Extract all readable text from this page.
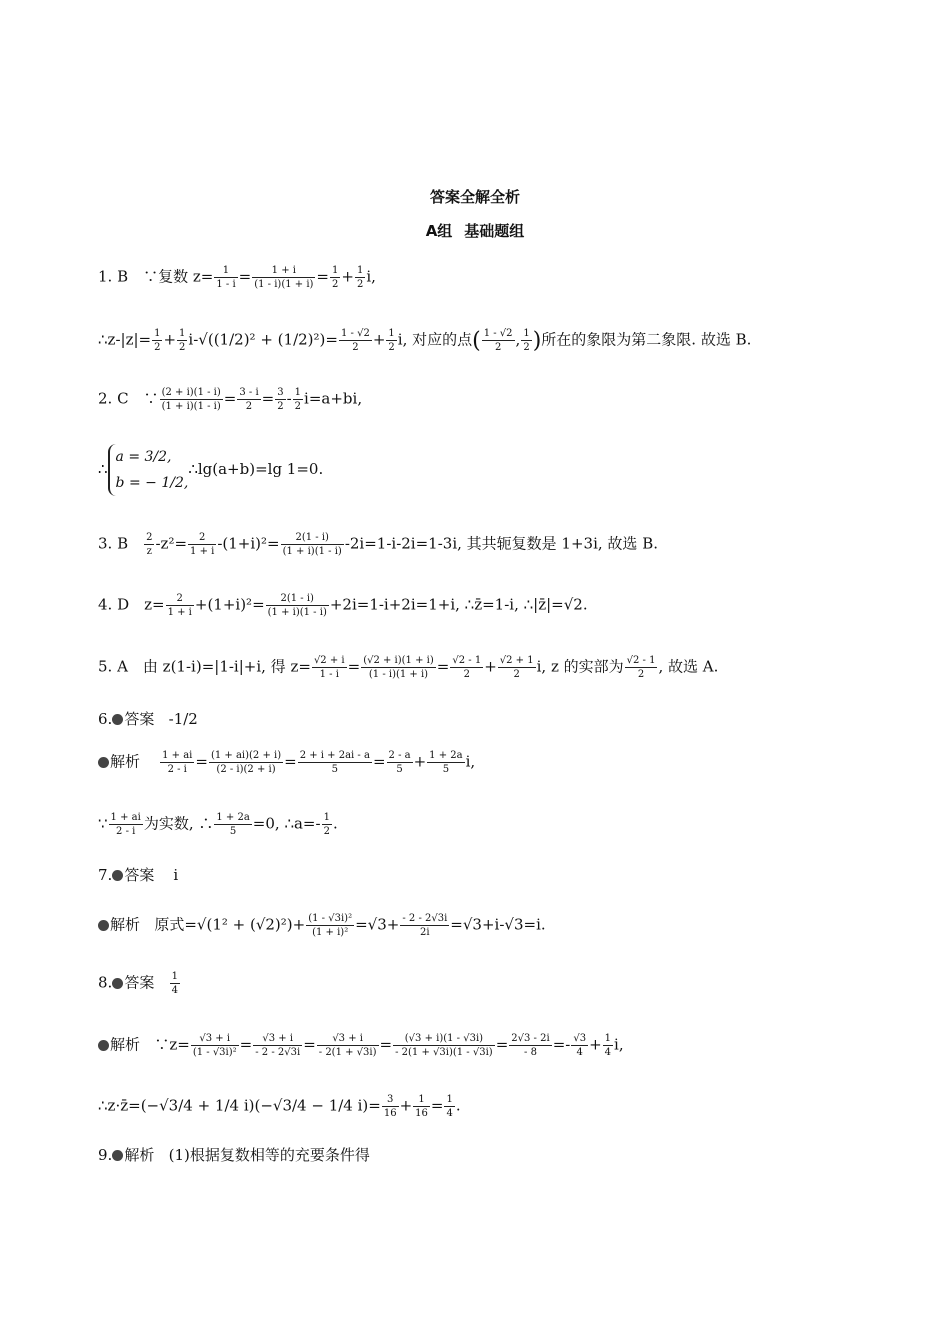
答案全解全析
A组 基础题组
1. B　∵复数 $z= \frac{1}{1 - i} = \frac{1 + i}{(1 - i)(1 + i)} = \frac{1}{2} + \frac{1}{2} i$,
∴z-|z|= $\frac{1}{2} + \frac{1}{2} i-√((1/2)^2 + (1/2)^2)= \frac{1 - √2}{2} + \frac{1}{2} i$, 对应的点( $\frac{1 - √2}{2}$ , $\frac{1}{2}$ )所在的象限为第二象限. 故选 B.
2. C　∵ $\frac{(2 + i)(1 - i)}{(1 + i)(1 - i)} = \frac{3 - i}{2} = \frac{3}{2} - \frac{1}{2} i=a+bi$,
∴
a = 3/2,
b = − 1/2,
∴lg(a+b)=lg 1=0.
3. B　 $\frac{2}{z} -z^2= \frac{2}{1 + i} -(1+i)^2= \frac{2(1 - i)}{(1 + i)(1 - i)} -2i=1-i-2i=1-3i$, 其共轭复数是 1+3i, 故选 B.
4. D　$z= \frac{2}{1 + i} +(1+i)^2= \frac{2(1 - i)}{(1 + i)(1 - i)} +2i=1-i+2i=1+i$, ∴z̄=1-i, ∴|z̄|=√2.
5. A　由 z(1-i)=|1-i|+i, 得 $z= \frac{√2 + i}{1 - i} = \frac{(√2 + i)(1 + i)}{(1 - i)(1 + i)} = \frac{√2 - 1}{2} + \frac{√2 + 1}{2} i$, z 的实部为 $\frac{√2 - 1}{2}$ , 故选 A.
6. 答案 -1/2
解析 $\frac{1 + ai}{2 - i} = \frac{(1 + ai)(2 + i)}{(2 - i)(2 + i)} = \frac{2 + i + 2ai - a}{5} = \frac{2 - a}{5} + \frac{1 + 2a}{5} i$,
∵ $\frac{1 + ai}{2 - i}$ 为实数, ∴ $\frac{1 + 2a}{5} =0$, ∴a=- $\frac{1}{2}$ .
7. 答案 i
解析 原式$=√(1^2 + (√2)^2)+ \frac{\text{(1 - √3i)²}}{\text{(1 + i)²}} =√3+ \frac{- 2 - 2√3i}{2i} =√3+i-√3=i$.
8. 答案 $\frac{1}{4}$
解析 ∵z= $\frac{√3 + i}{\text{(1 - √3i)²}} = \frac{√3 + i}{- 2 - 2√3i} = \frac{√3 + i}{- 2(1 + √3i)} = \frac{(√3 + i)(1 - √3i)}{- 2(1 + √3i)(1 - √3i)} = \frac{2√3 - 2i}{- 8} =- \frac{√3}{4} + \frac{1}{4} i$,
∴z·z̄=(−√3/4 + 1/4 i)(−√3/4 − 1/4 $i)= \frac{3}{16} + \frac{1}{16} = \frac{1}{4}$ .
9. 解析 (1)根据复数相等的充要条件得
